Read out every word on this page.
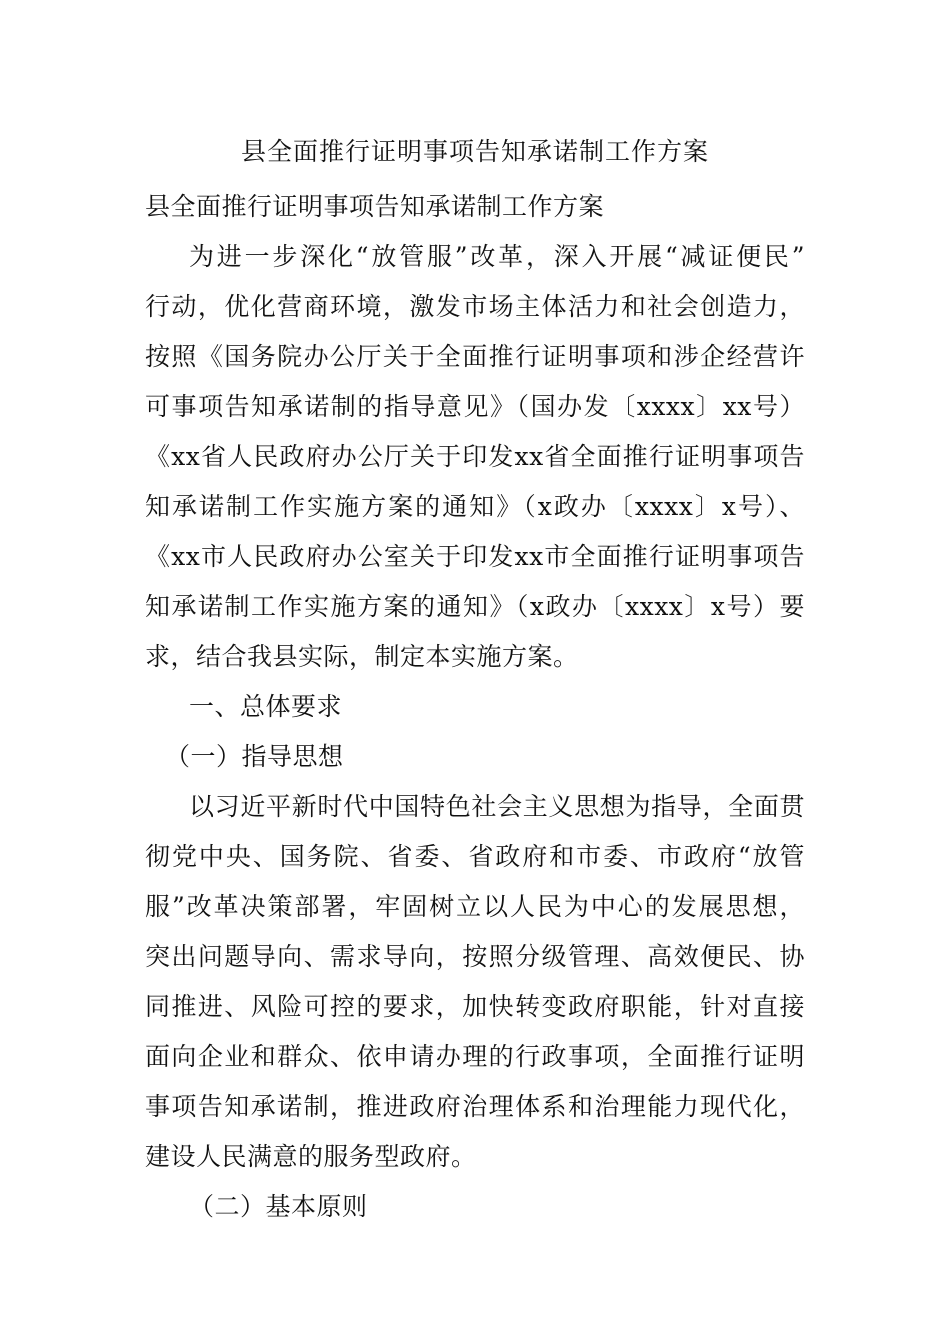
县全面推行证明事项告知承诺制工作方案
县全面推行证明事项告知承诺制工作方案
为进一步深化“放管服”改革，深入开展“减证便民”
行动，优化营商环境，激发市场主体活力和社会创造力，
按照《国务院办公厅关于全面推行证明事项和涉企经营许
可事项告知承诺制的指导意见》（国办发〔xxxx〕xx号）
《xx省人民政府办公厅关于印发xx省全面推行证明事项告
知承诺制工作实施方案的通知》（x政办〔xxxx〕x号）、
《xx市人民政府办公室关于印发xx市全面推行证明事项告
知承诺制工作实施方案的通知》（x政办〔xxxx〕x号）要
求，结合我县实际，制定本实施方案。
一、总体要求
（一）指导思想
以习近平新时代中国特色社会主义思想为指导，全面贯
彻党中央、国务院、省委、省政府和市委、市政府“放管
服”改革决策部署，牢固树立以人民为中心的发展思想，
突出问题导向、需求导向，按照分级管理、高效便民、协
同推进、风险可控的要求，加快转变政府职能，针对直接
面向企业和群众、依申请办理的行政事项，全面推行证明
事项告知承诺制，推进政府治理体系和治理能力现代化，
建设人民满意的服务型政府。
（二）基本原则
